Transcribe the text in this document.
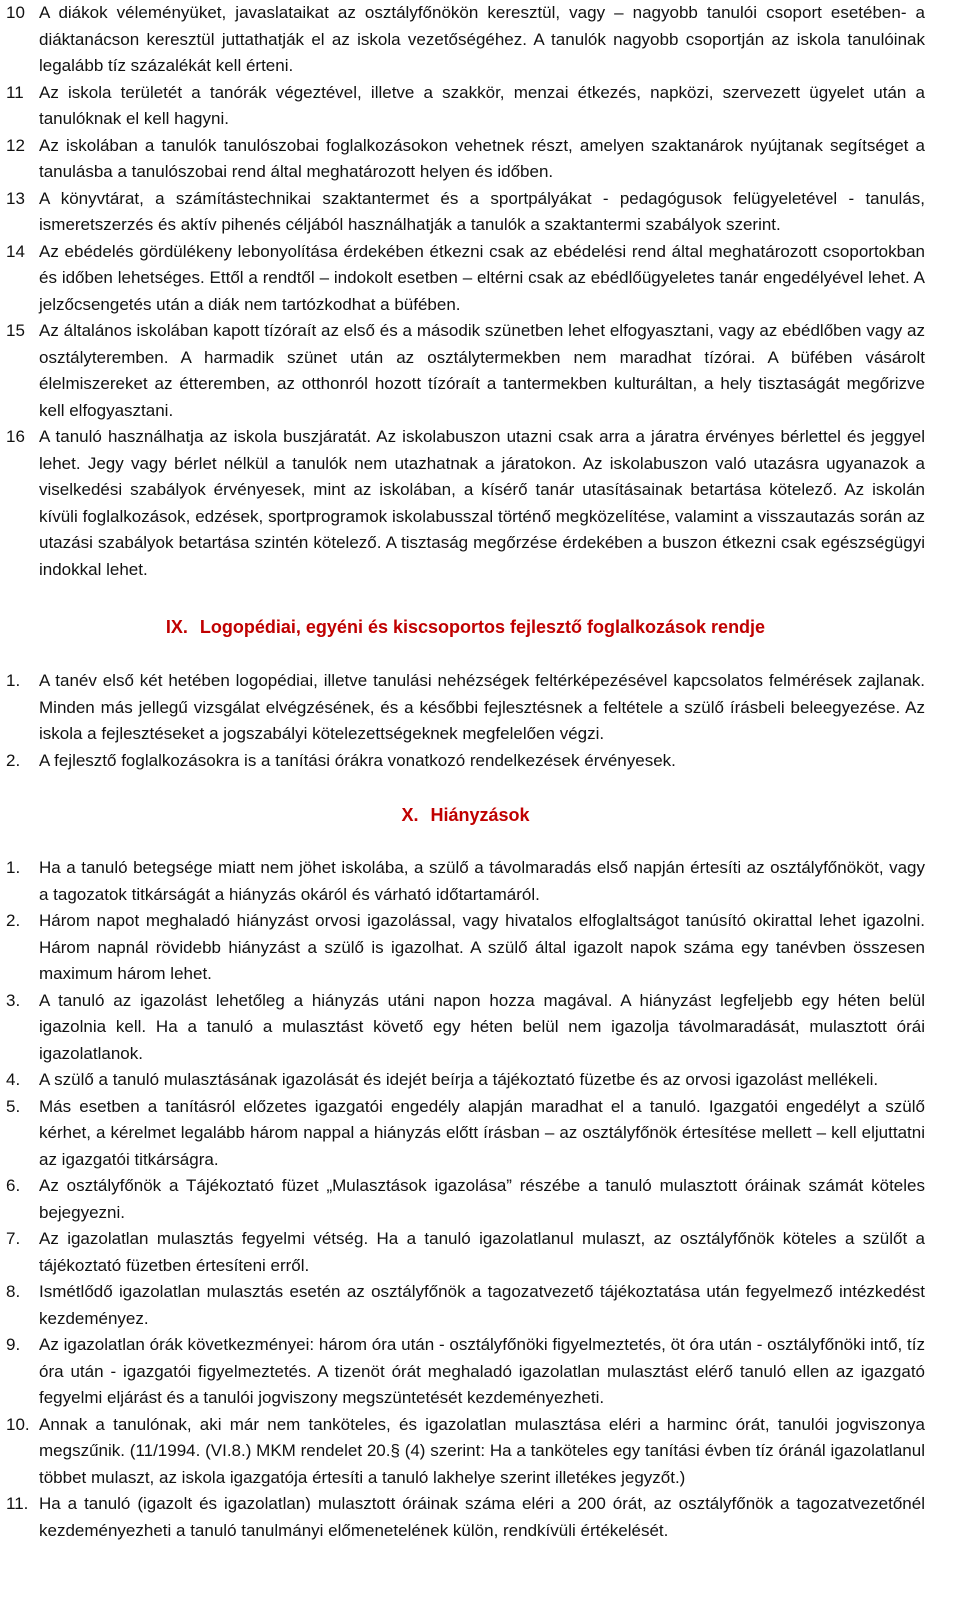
10 A diákok véleményüket, javaslataikat az osztályfőnökön keresztül, vagy – nagyobb tanulói csoport esetében- a diáktanácson keresztül juttathatják el az iskola vezetőségéhez. A tanulók nagyobb csoportján az iskola tanulóinak legalább tíz százalékát kell érteni.
11 Az iskola területét a tanórák végeztével, illetve a szakkör, menzai étkezés, napközi, szervezett ügyelet után a tanulóknak el kell hagyni.
12 Az iskolában a tanulók tanulószobai foglalkozásokon vehetnek részt, amelyen szaktanárok nyújtanak segítséget a tanulásba a tanulószobai rend által meghatározott helyen és időben.
13 A könyvtárat, a számítástechnikai szaktantermet és a sportpályákat - pedagógusok felügyeletével - tanulás, ismeretszerzés és aktív pihenés céljából használhatják a tanulók a szaktantermi szabályok szerint.
14 Az ebédelés gördülékeny lebonyolítása érdekében étkezni csak az ebédelési rend által meghatározott csoportokban és időben lehetséges. Ettől a rendtől – indokolt esetben – eltérni csak az ebédlőügyeletes tanár engedélyével lehet. A jelzőcsengetés után a diák nem tartózkodhat a büfében.
15 Az általános iskolában kapott tízóraít az első és a második szünetben lehet elfogyasztani, vagy az ebédlőben vagy az osztályteremben. A harmadik szünet után az osztálytermekben nem maradhat tízórai. A büfében vásárolt élelmiszereket az étteremben, az otthonról hozott tízóraít a tantermekben kulturáltan, a hely tisztaságát megőrizve kell elfogyasztani.
16 A tanuló használhatja az iskola buszjáratát. Az iskolabuszon utazni csak arra a járatra érvényes bérlettel és jeggyel lehet. Jegy vagy bérlet nélkül a tanulók nem utazhatnak a járatokon. Az iskolabuszon való utazásra ugyanazok a viselkedési szabályok érvényesek, mint az iskolában, a kísérő tanár utasításainak betartása kötelező. Az iskolán kívüli foglalkozások, edzések, sportprogramok iskolabusszal történő megközelítése, valamint a visszautazás során az utazási szabályok betartása szintén kötelező. A tisztaság megőrzése érdekében a buszon étkezni csak egészségügyi indokkal lehet.
IX. Logopédiai, egyéni és kiscsoportos fejlesztő foglalkozások rendje
1.	A tanév első két hetében logopédiai, illetve tanulási nehézségek feltérképezésével kapcsolatos felmérések zajlanak. Minden más jellegű vizsgálat elvégzésének, és a későbbi fejlesztésnek a feltétele a szülő írásbeli beleegyezése. Az iskola a fejlesztéseket a jogszabályi kötelezettségeknek megfelelően végzi.
2.	A fejlesztő foglalkozásokra is a tanítási órákra vonatkozó rendelkezések érvényesek.
X. Hiányzások
1.	Ha a tanuló betegsége miatt nem jöhet iskolába, a szülő a távolmaradás első napján értesíti az osztályfőnököt, vagy a tagozatok titkárságát a hiányzás okáról és várható időtartamáról.
2.	Három napot meghaladó hiányzást orvosi igazolással, vagy hivatalos elfoglaltságot tanúsító okirattal lehet igazolni. Három napnál rövidebb hiányzást a szülő is igazolhat. A szülő által igazolt napok száma egy tanévben összesen maximum három lehet.
3.	A tanuló az igazolást lehetőleg a hiányzás utáni napon hozza magával. A hiányzást legfeljebb egy héten belül igazolnia kell. Ha a tanuló a mulasztást követő egy héten belül nem igazolja távolmaradását, mulasztott órái igazolatlanok.
4.	A szülő a tanuló mulasztásának igazolását és idejét beírja a tájékoztató füzetbe és az orvosi igazolást mellékeli.
5.	Más esetben a tanításról előzetes igazgatói engedély alapján maradhat el a tanuló. Igazgatói engedélyt a szülő kérhet, a kérelmet legalább három nappal a hiányzás előtt írásban – az osztályfőnök értesítése mellett – kell eljuttatni az igazgatói titkárságra.
6.	Az osztályfőnök a Tájékoztató füzet „Mulasztások igazolása” részébe a tanuló mulasztott óráinak számát köteles bejegyezni.
7.	Az igazolatlan mulasztás fegyelmi vétség. Ha a tanuló igazolatlanul mulaszt, az osztályfőnök köteles a szülőt a tájékoztató füzetben értesíteni erről.
8.	Ismétlődő igazolatlan mulasztás esetén az osztályfőnök a tagozatvezető tájékoztatása után fegyelmező intézkedést kezdeményez.
9.	Az igazolatlan órák következményei: három óra után - osztályfőnöki figyelmeztetés, öt óra után - osztályfőnöki intő, tíz óra után - igazgatói figyelmeztetés. A tizenöt órát meghaladó igazolatlan mulasztást elérő tanuló ellen az igazgató fegyelmi eljárást és a tanulói jogviszony megszüntetését kezdeményezheti.
10. Annak a tanulónak, aki már nem tanköteles, és igazolatlan mulasztása eléri a harminc órát, tanulói jogviszonya megszűnik. (11/1994. (VI.8.) MKM rendelet 20.§ (4) szerint: Ha a tanköteles egy tanítási évben tíz óránál igazolatlanul többet mulaszt, az iskola igazgatója értesíti a tanuló lakhelye szerint illetékes jegyzőt.)
11. Ha a tanuló (igazolt és igazolatlan) mulasztott óráinak száma eléri a 200 órát, az osztályfőnök a tagozatvezetőnél kezdeményezheti a tanuló tanulmányi előmenetelének külön, rendkívüli értékelését.
